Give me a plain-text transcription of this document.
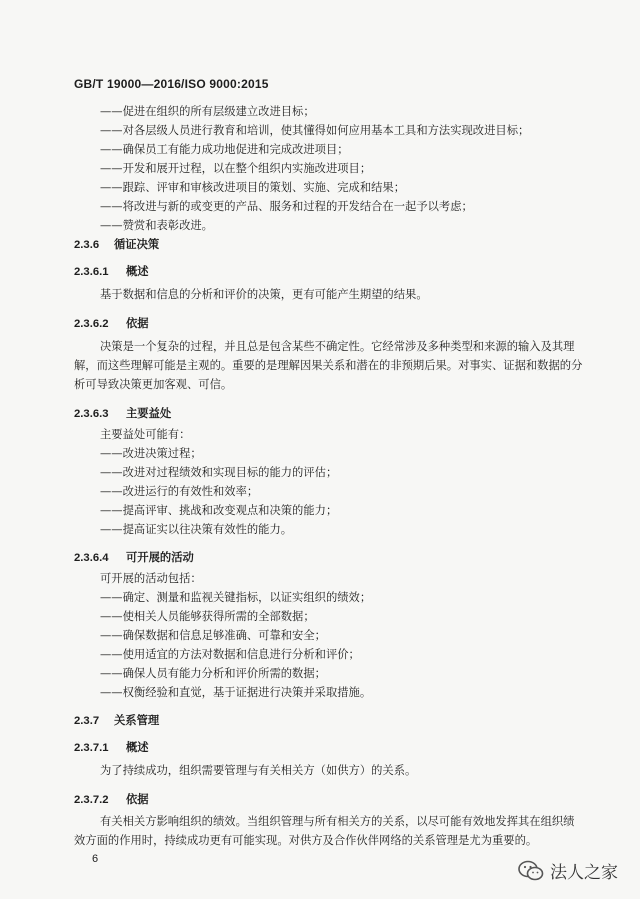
GB/T 19000—2016/ISO 9000:2015
——促进在组织的所有层级建立改进目标；
——对各层级人员进行教育和培训，使其懂得如何应用基本工具和方法实现改进目标；
——确保员工有能力成功地促进和完成改进项目；
——开发和展开过程，以在整个组织内实施改进项目；
——跟踪、评审和审核改进项目的策划、实施、完成和结果；
——将改进与新的或变更的产品、服务和过程的开发结合在一起予以考虑；
——赞赏和表彰改进。
2.3.6 循证决策
2.3.6.1 概述
基于数据和信息的分析和评价的决策，更有可能产生期望的结果。
2.3.6.2 依据
决策是一个复杂的过程，并且总是包含某些不确定性。它经常涉及多种类型和来源的输入及其理
解，而这些理解可能是主观的。重要的是理解因果关系和潜在的非预期后果。对事实、证据和数据的分
析可导致决策更加客观、可信。
2.3.6.3 主要益处
主要益处可能有：
——改进决策过程；
——改进对过程绩效和实现目标的能力的评估；
——改进运行的有效性和效率；
——提高评审、挑战和改变观点和决策的能力；
——提高证实以往决策有效性的能力。
2.3.6.4 可开展的活动
可开展的活动包括：
——确定、测量和监视关键指标，以证实组织的绩效；
——使相关人员能够获得所需的全部数据；
——确保数据和信息足够准确、可靠和安全；
——使用适宜的方法对数据和信息进行分析和评价；
——确保人员有能力分析和评价所需的数据；
——权衡经验和直觉，基于证据进行决策并采取措施。
2.3.7 关系管理
2.3.7.1 概述
为了持续成功，组织需要管理与有关相关方（如供方）的关系。
2.3.7.2 依据
有关相关方影响组织的绩效。当组织管理与所有相关方的关系，以尽可能有效地发挥其在组织绩
效方面的作用时，持续成功更有可能实现。对供方及合作伙伴网络的关系管理是尤为重要的。
6
法人之家
